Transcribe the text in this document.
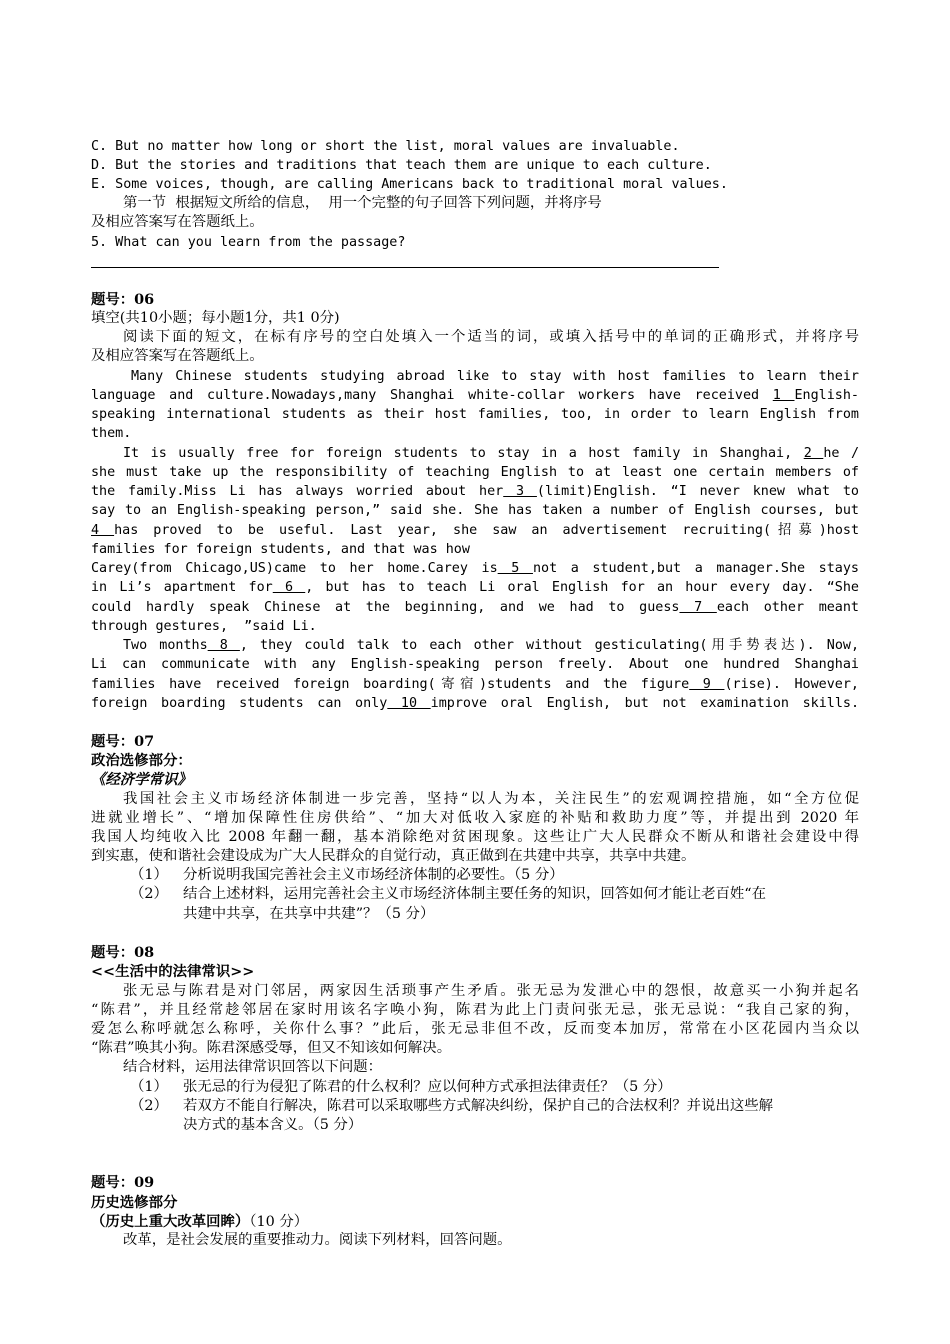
C. But no matter how long or short the list, moral values are invaluable.
D. But the stories and traditions that teach them are unique to each culture.
E. Some voices, though, are calling Americans back to traditional moral values.
第一节  根据短文所给的信息，  用一个完整的句子回答下列问题，并将序号
及相应答案写在答题纸上。
5. What can you learn from the passage?
题号：06
填空(共10小题；每小题1分，共1 0分)
阅读下面的短文，在标有序号的空白处填入一个适当的词，或填入括号中的单词的正确形式，并将序号
及相应答案写在答题纸上。
Many Chinese students studying abroad like to stay with host families to learn their
language and culture.Nowadays,many Shanghai white-collar workers have received 1 English-
speaking international students as their host families, too, in order to learn English from
them.
It is usually free for foreign students to stay in a host family in Shanghai, 2 he /
she must take up the responsibility of teaching English to at least one certain members of
the family.Miss Li has always worried about her 3 (limit)English. “I never knew what to
say to an English-speaking person,” said she. She has taken a number of English courses, but
4 has proved to be useful. Last year, she saw an advertisement recruiting(招募)host
families for foreign students, and that was how
Carey(from Chicago,US)came to her home.Carey is 5 not a student,but a manager.She stays
in Li’s apartment for 6 , but has to teach Li oral English for an hour every day. “She
could hardly speak Chinese at the beginning, and we had to guess 7 each other meant
through gestures,  ”said Li.
Two months 8 , they could talk to each other without gesticulating(用手势表达). Now,
Li can communicate with any English-speaking person freely. About one hundred Shanghai
families have received foreign boarding(寄宿)students and the figure 9 (rise). However,
foreign boarding students can only 10 improve oral English, but not examination skills.
题号：07
政治选修部分：
《经济学常识》
我国社会主义市场经济体制进一步完善，坚持“以人为本，关注民生”的宏观调控措施，如“全方位促
进就业增长”、“增加保障性住房供给”、“加大对低收入家庭的补贴和救助力度”等，并提出到 2020 年
我国人均纯收入比 2008 年翻一翻，基本消除绝对贫困现象。这些让广大人民群众不断从和谐社会建设中得
到实惠，使和谐社会建设成为广大人民群众的自觉行动，真正做到在共建中共享，共享中共建。
（1） 分析说明我国完善社会主义市场经济体制的必要性。（5 分）
（2） 结合上述材料，运用完善社会主义市场经济体制主要任务的知识，回答如何才能让老百姓“在
共建中共享，在共享中共建”？（5 分）
题号：08
<<生活中的法律常识>>
张无忌与陈君是对门邻居，两家因生活琐事产生矛盾。张无忌为发泄心中的怨恨，故意买一小狗并起名
“陈君”，并且经常趁邻居在家时用该名字唤小狗，陈君为此上门责问张无忌，张无忌说：“我自己家的狗，
爱怎么称呼就怎么称呼，关你什么事？”此后，张无忌非但不改，反而变本加厉，常常在小区花园内当众以
“陈君”唤其小狗。陈君深感受辱，但又不知该如何解决。
结合材料，运用法律常识回答以下问题：
（1） 张无忌的行为侵犯了陈君的什么权利？应以何种方式承担法律责任？（5 分）
（2） 若双方不能自行解决，陈君可以采取哪些方式解决纠纷，保护自己的合法权利？并说出这些解
决方式的基本含义。（5 分）
题号：09
历史选修部分
（历史上重大改革回眸）（10 分）
改革，是社会发展的重要推动力。阅读下列材料，回答问题。
